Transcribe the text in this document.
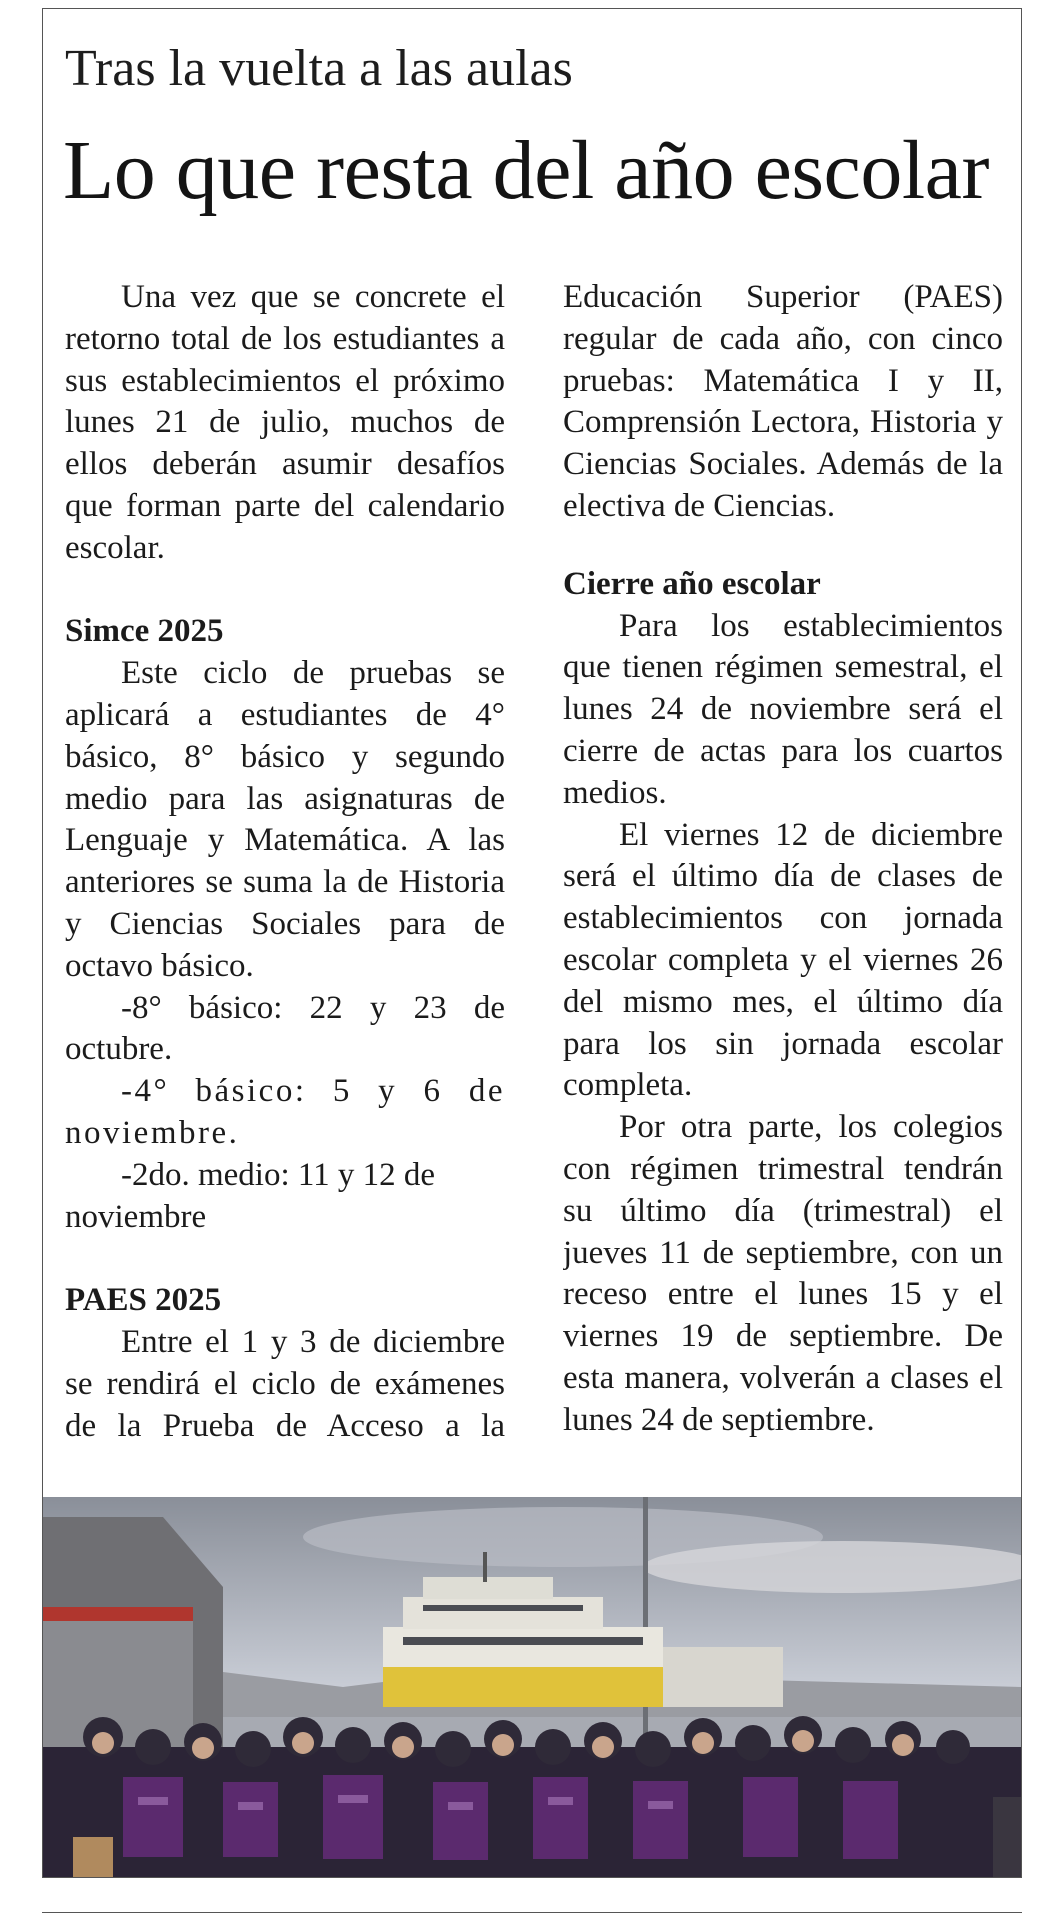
Tras la vuelta a las aulas
Lo que resta del año escolar

Una vez que se concrete el retorno total de los estudiantes a sus establecimientos el próximo lunes 21 de julio, muchos de ellos deberán asumir desafíos que forman parte del calendario escolar.

Simce 2025

Este ciclo de pruebas se aplicará a estudiantes de 4° básico, 8° básico y segundo medio para las asignaturas de Lenguaje y Matemática. A las anteriores se suma la de Historia y Ciencias Sociales para de octavo básico.

-8° básico: 22 y 23 de octubre.

-4° básico: 5 y 6 de noviembre.

-2do. medio: 11 y 12 de noviembre

PAES 2025

Entre el 1 y 3 de diciembre se rendirá el ciclo de exámenes de la Prueba de Acceso a la

Educación Superior (PAES) regular de cada año, con cinco pruebas: Matemática I y II, Comprensión Lectora, Historia y Ciencias Sociales. Además de la electiva de Ciencias.

Cierre año escolar

Para los establecimientos que tienen régimen semestral, el lunes 24 de noviembre será el cierre de actas para los cuartos medios.

El viernes 12 de diciembre será el último día de clases de establecimientos con jornada escolar completa y el viernes 26 del mismo mes, el último día para los sin jornada escolar completa.

Por otra parte, los colegios con régimen trimestral tendrán su último día (trimestral) el jueves 11 de septiembre, con un receso entre el lunes 15 y el viernes 19 de septiembre. De esta manera, volverán a clases el lunes 24 de septiembre.
